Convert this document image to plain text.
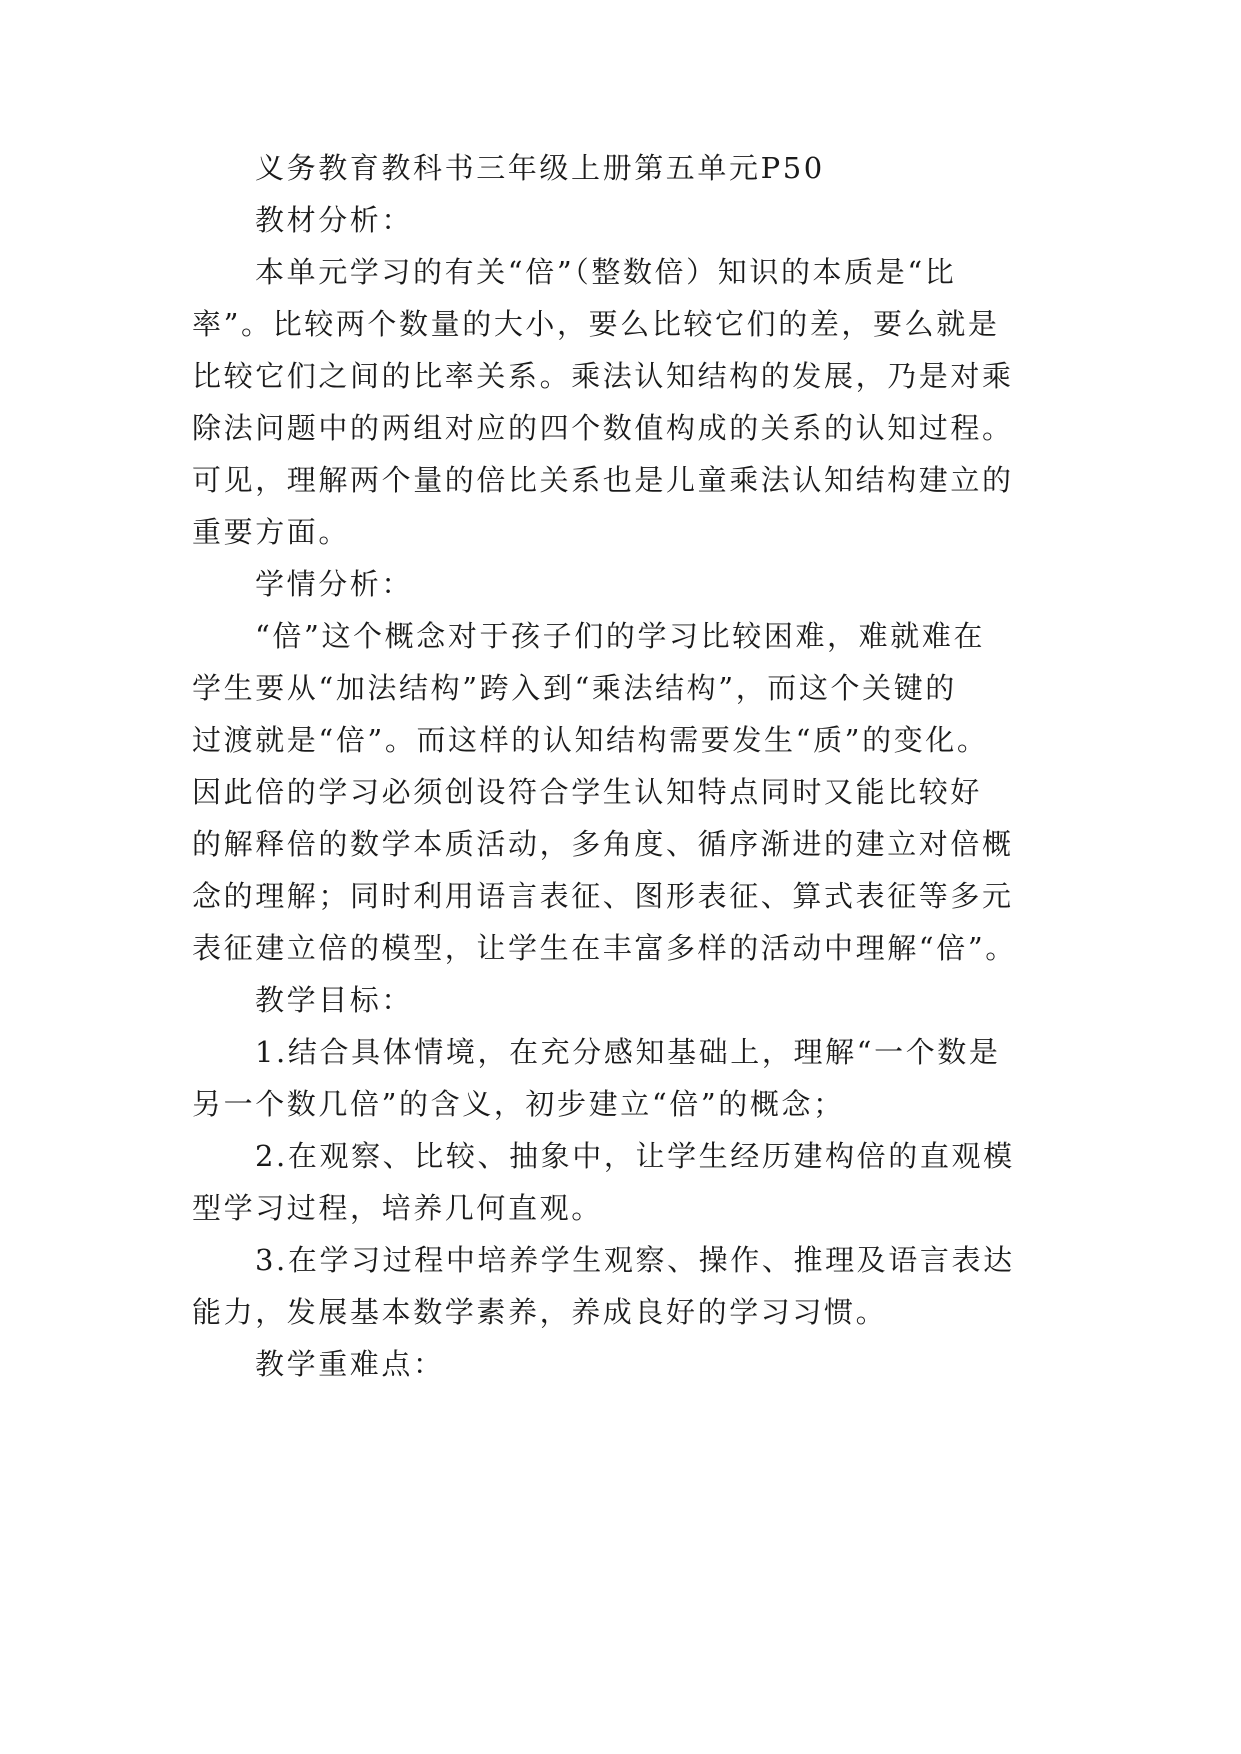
义务教育教科书三年级上册第五单元P50
教材分析：
本单元学习的有关“倍”（整数倍）知识的本质是“比
率”。比较两个数量的大小，要么比较它们的差，要么就是
比较它们之间的比率关系。乘法认知结构的发展，乃是对乘
除法问题中的两组对应的四个数值构成的关系的认知过程。
可见，理解两个量的倍比关系也是儿童乘法认知结构建立的
重要方面。
学情分析：
“倍”这个概念对于孩子们的学习比较困难，难就难在
学生要从“加法结构”跨入到“乘法结构”，而这个关键的
过渡就是“倍”。而这样的认知结构需要发生“质”的变化。
因此倍的学习必须创设符合学生认知特点同时又能比较好
的解释倍的数学本质活动，多角度、循序渐进的建立对倍概
念的理解；同时利用语言表征、图形表征、算式表征等多元
表征建立倍的模型，让学生在丰富多样的活动中理解“倍”。
教学目标：
1.结合具体情境，在充分感知基础上，理解“一个数是
另一个数几倍”的含义，初步建立“倍”的概念；
2.在观察、比较、抽象中，让学生经历建构倍的直观模
型学习过程，培养几何直观。
3.在学习过程中培养学生观察、操作、推理及语言表达
能力，发展基本数学素养，养成良好的学习习惯。
教学重难点：
